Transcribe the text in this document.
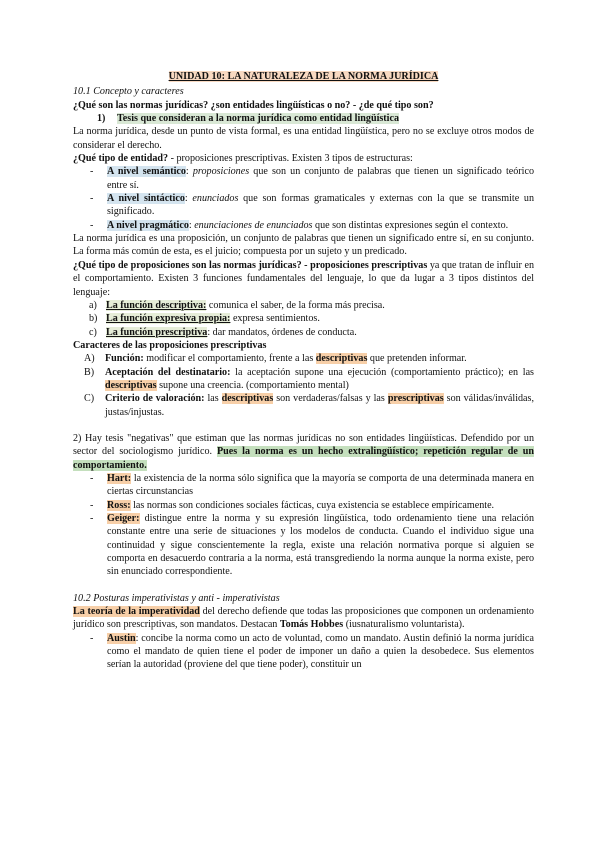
UNIDAD 10: LA NATURALEZA DE LA NORMA JURÍDICA

10.1 Concepto y caracteres

¿Qué son las normas jurídicas? ¿son entidades lingüísticas o no? - ¿de qué tipo son?

1) Tesis que consideran a la norma jurídica como entidad lingüística

La norma jurídica, desde un punto de vista formal, es una entidad lingüística, pero no se excluye otros modos de considerar el derecho.

¿Qué tipo de entidad? - proposiciones prescriptivas. Existen 3 tipos de estructuras:

-	A nivel semántico: proposiciones que son un conjunto de palabras que tienen un significado teórico entre sí.
-	A nivel sintáctico: enunciados que son formas gramaticales y externas con la que se transmite un significado.
-	A nivel pragmático: enunciaciones de enunciados que son distintas expresiones según el contexto.

La norma jurídica es una proposición, un conjunto de palabras que tienen un significado entre sí, en su conjunto. La forma más común de esta, es el juicio; compuesta por un sujeto y un predicado.

¿Qué tipo de proposiciones son las normas jurídicas? - proposiciones prescriptivas ya que tratan de influir en el comportamiento. Existen 3 funciones fundamentales del lenguaje, lo que da lugar a 3 tipos distintos del lenguaje:

a) La función descriptiva: comunica el saber, de la forma más precisa.
b) La función expresiva propia: expresa sentimientos.
c) La función prescriptiva: dar mandatos, órdenes de conducta.

Caracteres de las proposiciones prescriptivas

A)	Función: modificar el comportamiento, frente a las descriptivas que pretenden informar.
B)	Aceptación del destinatario: la aceptación supone una ejecución (comportamiento práctico); en las descriptivas supone una creencia. (comportamiento mental)
C)	Criterio de valoración: las descriptivas son verdaderas/falsas y las prescriptivas son válidas/inválidas, justas/injustas.

2) Hay tesis "negativas" que estiman que las normas jurídicas no son entidades lingüísticas. Defendido por un sector del sociologismo jurídico. Pues la norma es un hecho extralingüístico; repetición regular de un comportamiento.

-	Hart: la existencia de la norma sólo significa que la mayoría se comporta de una determinada manera en ciertas circunstancias
-	Ross: las normas son condiciones sociales fácticas, cuya existencia se establece empíricamente.
-	Geiger: distingue entre la norma y su expresión lingüística, todo ordenamiento tiene una relación constante entre una serie de situaciones y los modelos de conducta. Cuando el individuo sigue una continuidad y sigue conscientemente la regla, existe una relación normativa porque si alguien se comporta en desacuerdo contraria a la norma, está transgrediendo la norma aunque la norma existe, pero sin enunciado correspondiente.

10.2 Posturas imperativistas y anti - imperativistas

La teoría de la imperatividad del derecho defiende que todas las proposiciones que componen un ordenamiento jurídico son prescriptivas, son mandatos. Destacan Tomás Hobbes (iusnaturalismo voluntarista).

-	Austin: concibe la norma como un acto de voluntad, como un mandato. Austin definió la norma jurídica como el mandato de quien tiene el poder de imponer un daño a quien la desobedece. Sus elementos serían la autoridad (proviene del que tiene poder), constituir un
